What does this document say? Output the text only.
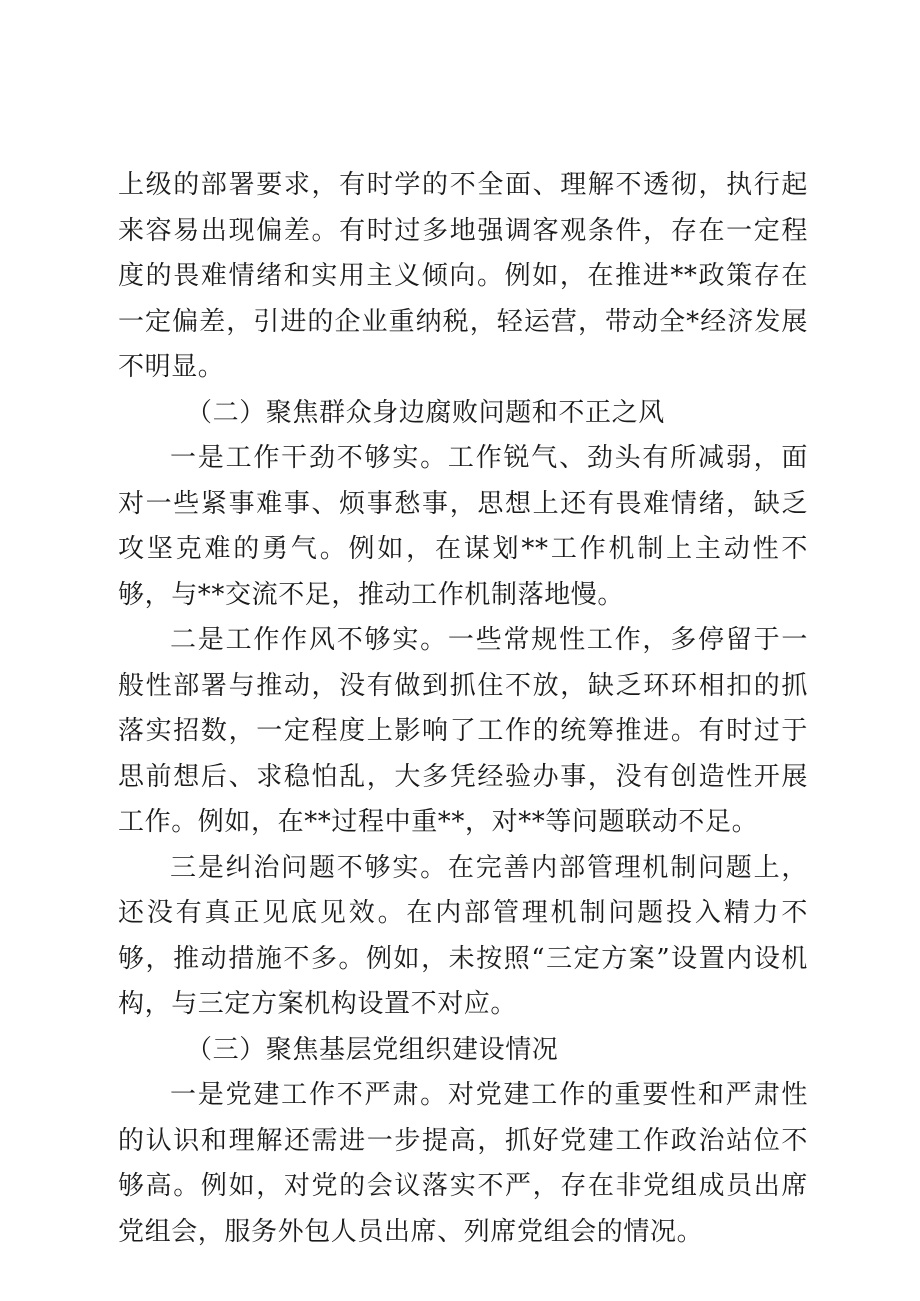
上级的部署要求，有时学的不全面、理解不透彻，执行起来容易出现偏差。有时过多地强调客观条件，存在一定程度的畏难情绪和实用主义倾向。例如，在推进**政策存在一定偏差，引进的企业重纳税，轻运营，带动全*经济发展不明显。

（二）聚焦群众身边腐败问题和不正之风

一是工作干劲不够实。工作锐气、劲头有所减弱，面对一些紧事难事、烦事愁事，思想上还有畏难情绪，缺乏攻坚克难的勇气。例如，在谋划**工作机制上主动性不够，与**交流不足，推动工作机制落地慢。

二是工作作风不够实。一些常规性工作，多停留于一般性部署与推动，没有做到抓住不放，缺乏环环相扣的抓落实招数，一定程度上影响了工作的统筹推进。有时过于思前想后、求稳怕乱，大多凭经验办事，没有创造性开展工作。例如，在**过程中重**，对**等问题联动不足。

三是纠治问题不够实。在完善内部管理机制问题上，还没有真正见底见效。在内部管理机制问题投入精力不够，推动措施不多。例如，未按照“三定方案”设置内设机构，与三定方案机构设置不对应。

（三）聚焦基层党组织建设情况

一是党建工作不严肃。对党建工作的重要性和严肃性的认识和理解还需进一步提高，抓好党建工作政治站位不够高。例如，对党的会议落实不严，存在非党组成员出席党组会，服务外包人员出席、列席党组会的情况。
